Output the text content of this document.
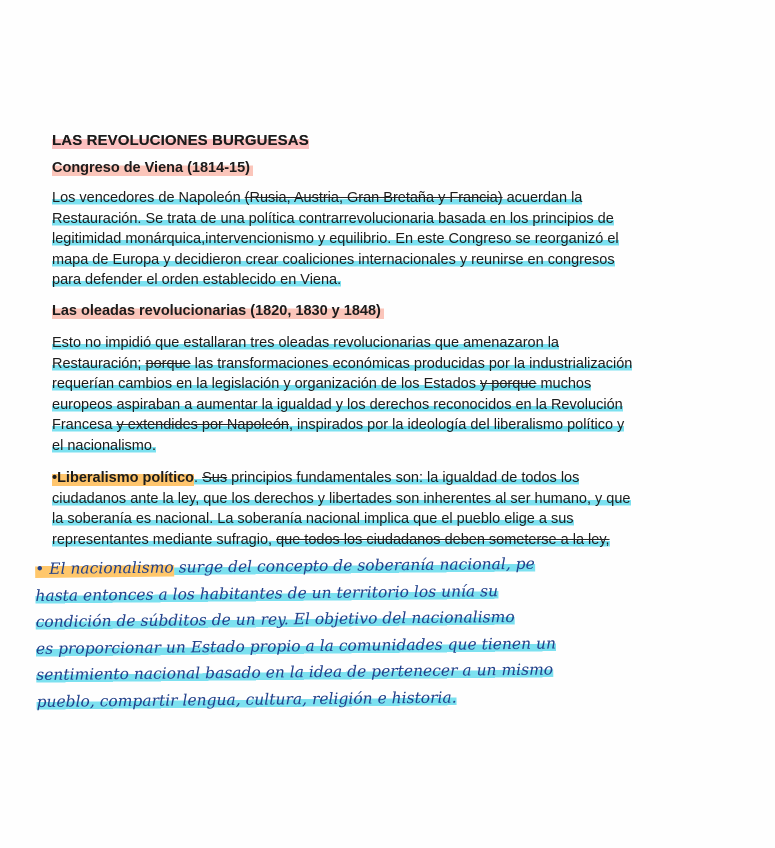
LAS REVOLUCIONES BURGUESAS
Congreso de Viena (1814-15)
Los vencedores de Napoleón (Rusia, Austria, Gran Bretaña y Francia) acuerdan la
Restauración. Se trata de una política contrarrevolucionaria basada en los principios de
legitimidad monárquica,intervencionismo y equilibrio. En este Congreso se reorganizó el
mapa de Europa y decidieron crear coaliciones internacionales y reunirse en congresos
para defender el orden establecido en Viena.
Las oleadas revolucionarias (1820, 1830 y 1848)
Esto no impidió que estallaran tres oleadas revolucionarias que amenazaron la
Restauración; porque las transformaciones económicas producidas por la industrialización
requerían cambios en la legislación y organización de los Estados y porque muchos
europeos aspiraban a aumentar la igualdad y los derechos reconocidos en la Revolución
Francesa y extendides por Napoleón, inspirados por la ideología del liberalismo político y
el nacionalismo.
•Liberalismo político. Sus principios fundamentales son: la igualdad de todos los
ciudadanos ante la ley, que los derechos y libertades son inherentes al ser humano, y que
la soberanía es nacional. La soberanía nacional implica que el pueblo elige a sus
representantes mediante sufragio, que todos los ciudadanos deben someterse a la ley,
• El nacionalismo surge del concepto de soberanía nacional, pe
hasta entonces a los habitantes de un territorio los unía su
condición de súbditos de un rey. El objetivo del nacionalismo
es proporcionar un Estado propio a la comunidades que tienen un
sentimiento nacional basado en la idea de pertenecer a un mismo
pueblo, compartir lengua, cultura, religión e historia.
